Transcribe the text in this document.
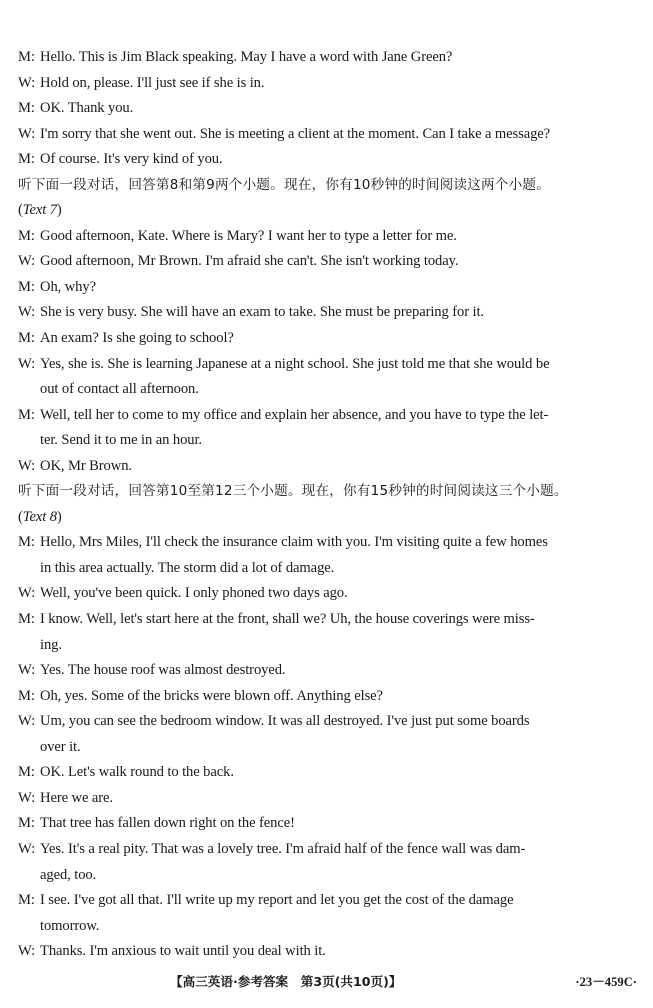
M: Hello. This is Jim Black speaking. May I have a word with Jane Green?
W: Hold on, please. I'll just see if she is in.
M: OK. Thank you.
W: I'm sorry that she went out. She is meeting a client at the moment. Can I take a message?
M: Of course. It's very kind of you.
听下面一段对话，回答第8和第9两个小题。现在，你有10秒钟的时间阅读这两个小题。
(Text 7)
M: Good afternoon, Kate. Where is Mary? I want her to type a letter for me.
W: Good afternoon, Mr Brown. I'm afraid she can't. She isn't working today.
M: Oh, why?
W: She is very busy. She will have an exam to take. She must be preparing for it.
M: An exam? Is she going to school?
W: Yes, she is. She is learning Japanese at a night school. She just told me that she would be
out of contact all afternoon.
M: Well, tell her to come to my office and explain her absence, and you have to type the let-
ter. Send it to me in an hour.
W: OK, Mr Brown.
听下面一段对话，回答第10至第12三个小题。现在，你有15秒钟的时间阅读这三个小题。
(Text 8)
M: Hello, Mrs Miles, I'll check the insurance claim with you. I'm visiting quite a few homes
in this area actually. The storm did a lot of damage.
W: Well, you've been quick. I only phoned two days ago.
M: I know. Well, let's start here at the front, shall we? Uh, the house coverings were miss-
ing.
W: Yes. The house roof was almost destroyed.
M: Oh, yes. Some of the bricks were blown off. Anything else?
W: Um, you can see the bedroom window. It was all destroyed. I've just put some boards
over it.
M: OK. Let's walk round to the back.
W: Here we are.
M: That tree has fallen down right on the fence!
W: Yes. It's a real pity. That was a lovely tree. I'm afraid half of the fence wall was dam-
aged, too.
M: I see. I've got all that. I'll write up my report and let you get the cost of the damage
tomorrow.
W: Thanks. I'm anxious to wait until you deal with it.
【高三英语·参考答案　第3页(共10页)】	·23－459C·
